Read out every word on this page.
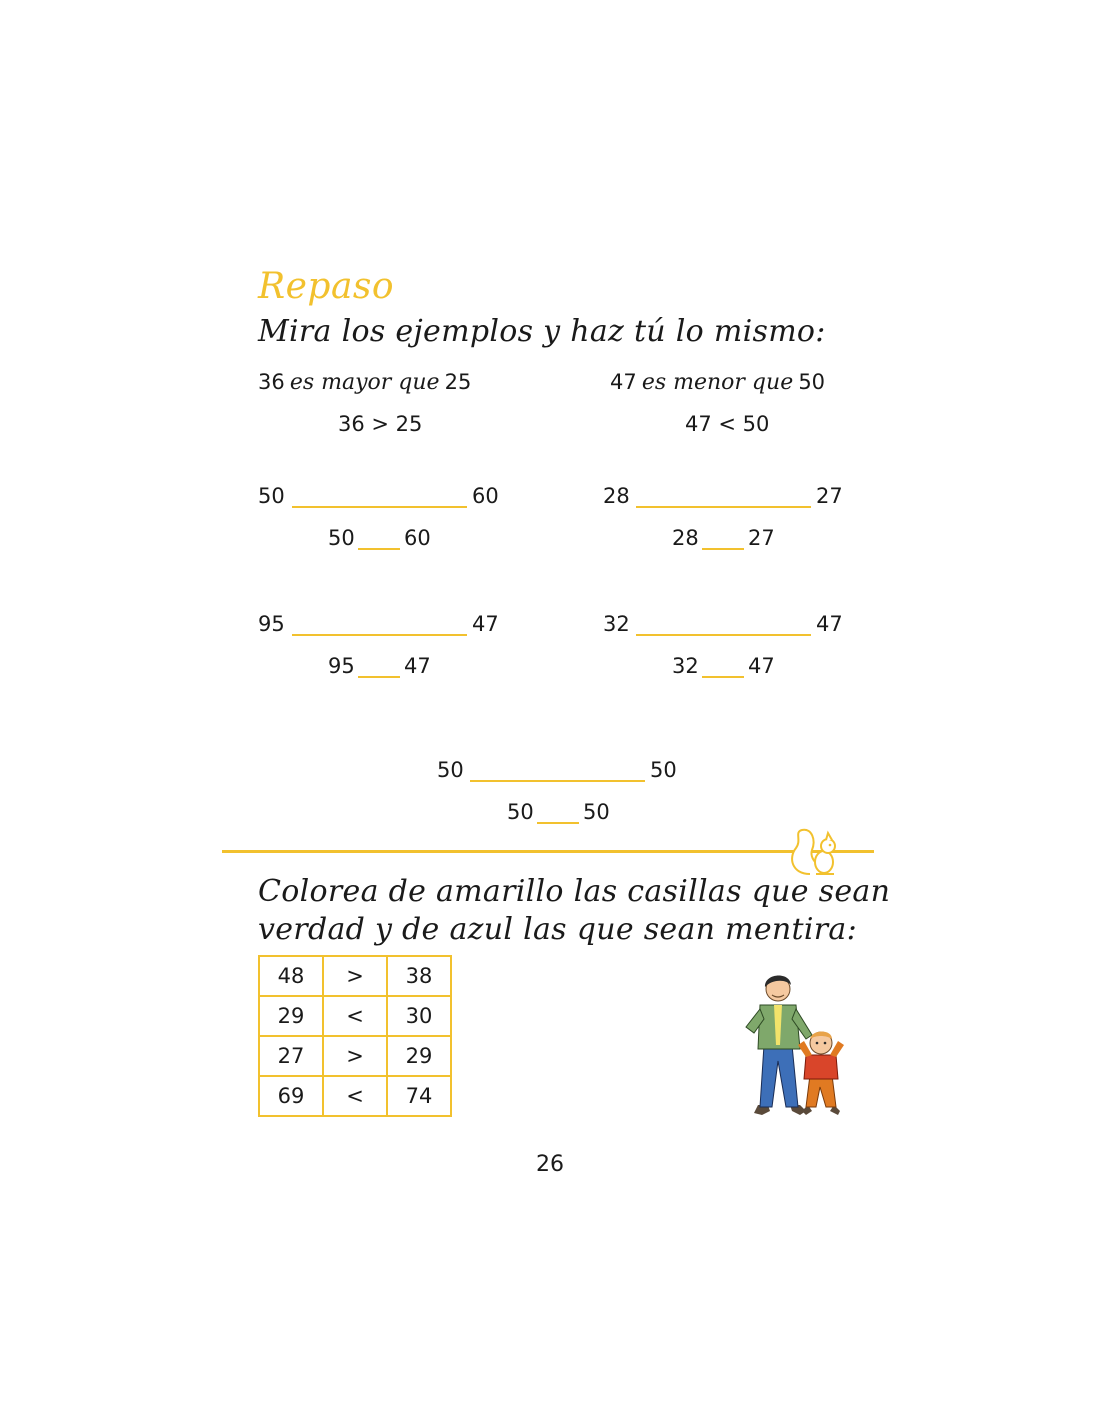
Repaso
Mira los ejemplos y haz tú lo mismo:
36 es mayor que 25
36 > 25
47 es menor que 50
47 < 50
50	60
50 60
28	27
28 27
95	47
95 47
32	47
32 47
50	50
50 50
Colorea de amarillo las casillas que sean
verdad y de azul las que sean mentira:
48	>	38
29	<	30
27	>	29
69	<	74
26
